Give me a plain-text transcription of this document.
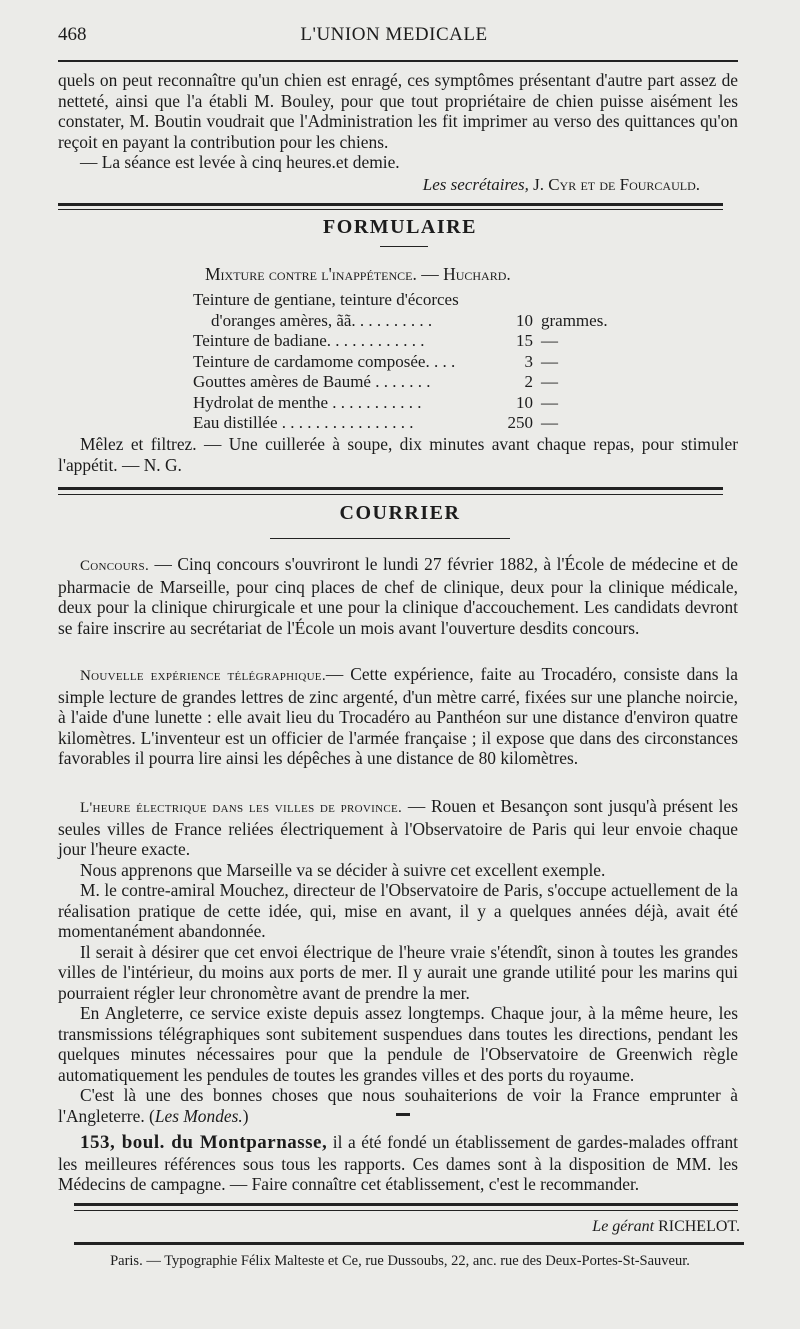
468	L'UNION MEDICALE

quels on peut reconnaître qu'un chien est enragé, ces symptômes présentant d'autre part assez de netteté, ainsi que l'a établi M. Bouley, pour que tout propriétaire de chien puisse aisément les constater, M. Boutin voudrait que l'Administration les fit imprimer au verso des quittances qu'on reçoit en payant la contribution pour les chiens.

— La séance est levée à cinq heures.et demie.

Les secrétaires, J. Cyr et de Fourcauld.
FORMULAIRE
Mixture contre l'inappétence. — Huchard.
Teinture de gentiane, teinture d'écorces
d'oranges amères, ãã. . . . . . . . . .	10 grammes.
Teinture de badiane. . . . . . . . . . . .	15 —
Teinture de cardamome composée. . . .	3 —
Gouttes amères de Baumé . . . . . . .	2 —
Hydrolat de menthe . . . . . . . . . . .	10 —
Eau distillée . . . . . . . . . . . . . . . .	250 —

Mêlez et filtrez. — Une cuillerée à soupe, dix minutes avant chaque repas, pour stimuler l'appétit. — N. G.

COURRIER

Concours. — Cinq concours s'ouvriront le lundi 27 février 1882, à l'École de médecine et de pharmacie de Marseille, pour cinq places de chef de clinique, deux pour la clinique médicale, deux pour la clinique chirurgicale et une pour la clinique d'accouchement. Les candidats devront se faire inscrire au secrétariat de l'École un mois avant l'ouverture desdits concours.

Nouvelle expérience télégraphique.— Cette expérience, faite au Trocadéro, consiste dans la simple lecture de grandes lettres de zinc argenté, d'un mètre carré, fixées sur une planche noircie, à l'aide d'une lunette : elle avait lieu du Trocadéro au Panthéon sur une distance d'environ quatre kilomètres. L'inventeur est un officier de l'armée française ; il expose que dans des circonstances favorables il pourra lire ainsi les dépêches à une distance de 80 kilomètres.

L'heure électrique dans les villes de province. — Rouen et Besançon sont jusqu'à présent les seules villes de France reliées électriquement à l'Observatoire de Paris qui leur envoie chaque jour l'heure exacte.

Nous apprenons que Marseille va se décider à suivre cet excellent exemple.

M. le contre-amiral Mouchez, directeur de l'Observatoire de Paris, s'occupe actuellement de la réalisation pratique de cette idée, qui, mise en avant, il y a quelques années déjà, avait été momentanément abandonnée.

Il serait à désirer que cet envoi électrique de l'heure vraie s'étendît, sinon à toutes les grandes villes de l'intérieur, du moins aux ports de mer. Il y aurait une grande utilité pour les marins qui pourraient régler leur chronomètre avant de prendre la mer.

En Angleterre, ce service existe depuis assez longtemps. Chaque jour, à la même heure, les transmissions télégraphiques sont subitement suspendues dans toutes les directions, pendant les quelques minutes nécessaires pour que la pendule de l'Observatoire de Greenwich règle automatiquement les pendules de toutes les grandes villes et des ports du royaume.

C'est là une des bonnes choses que nous souhaiterions de voir la France emprunter à l'Angleterre. (Les Mondes.)

153, boul. du Montparnasse, il a été fondé un établissement de gardes-malades offrant les meilleures références sous tous les rapports. Ces dames sont à la disposition de MM. les Médecins de campagne. — Faire connaître cet établissement, c'est le recommander.

Le gérant RICHELOT.
Paris. — Typographie Félix Malteste et Ce, rue Dussoubs, 22, anc. rue des Deux-Portes-St-Sauveur.
